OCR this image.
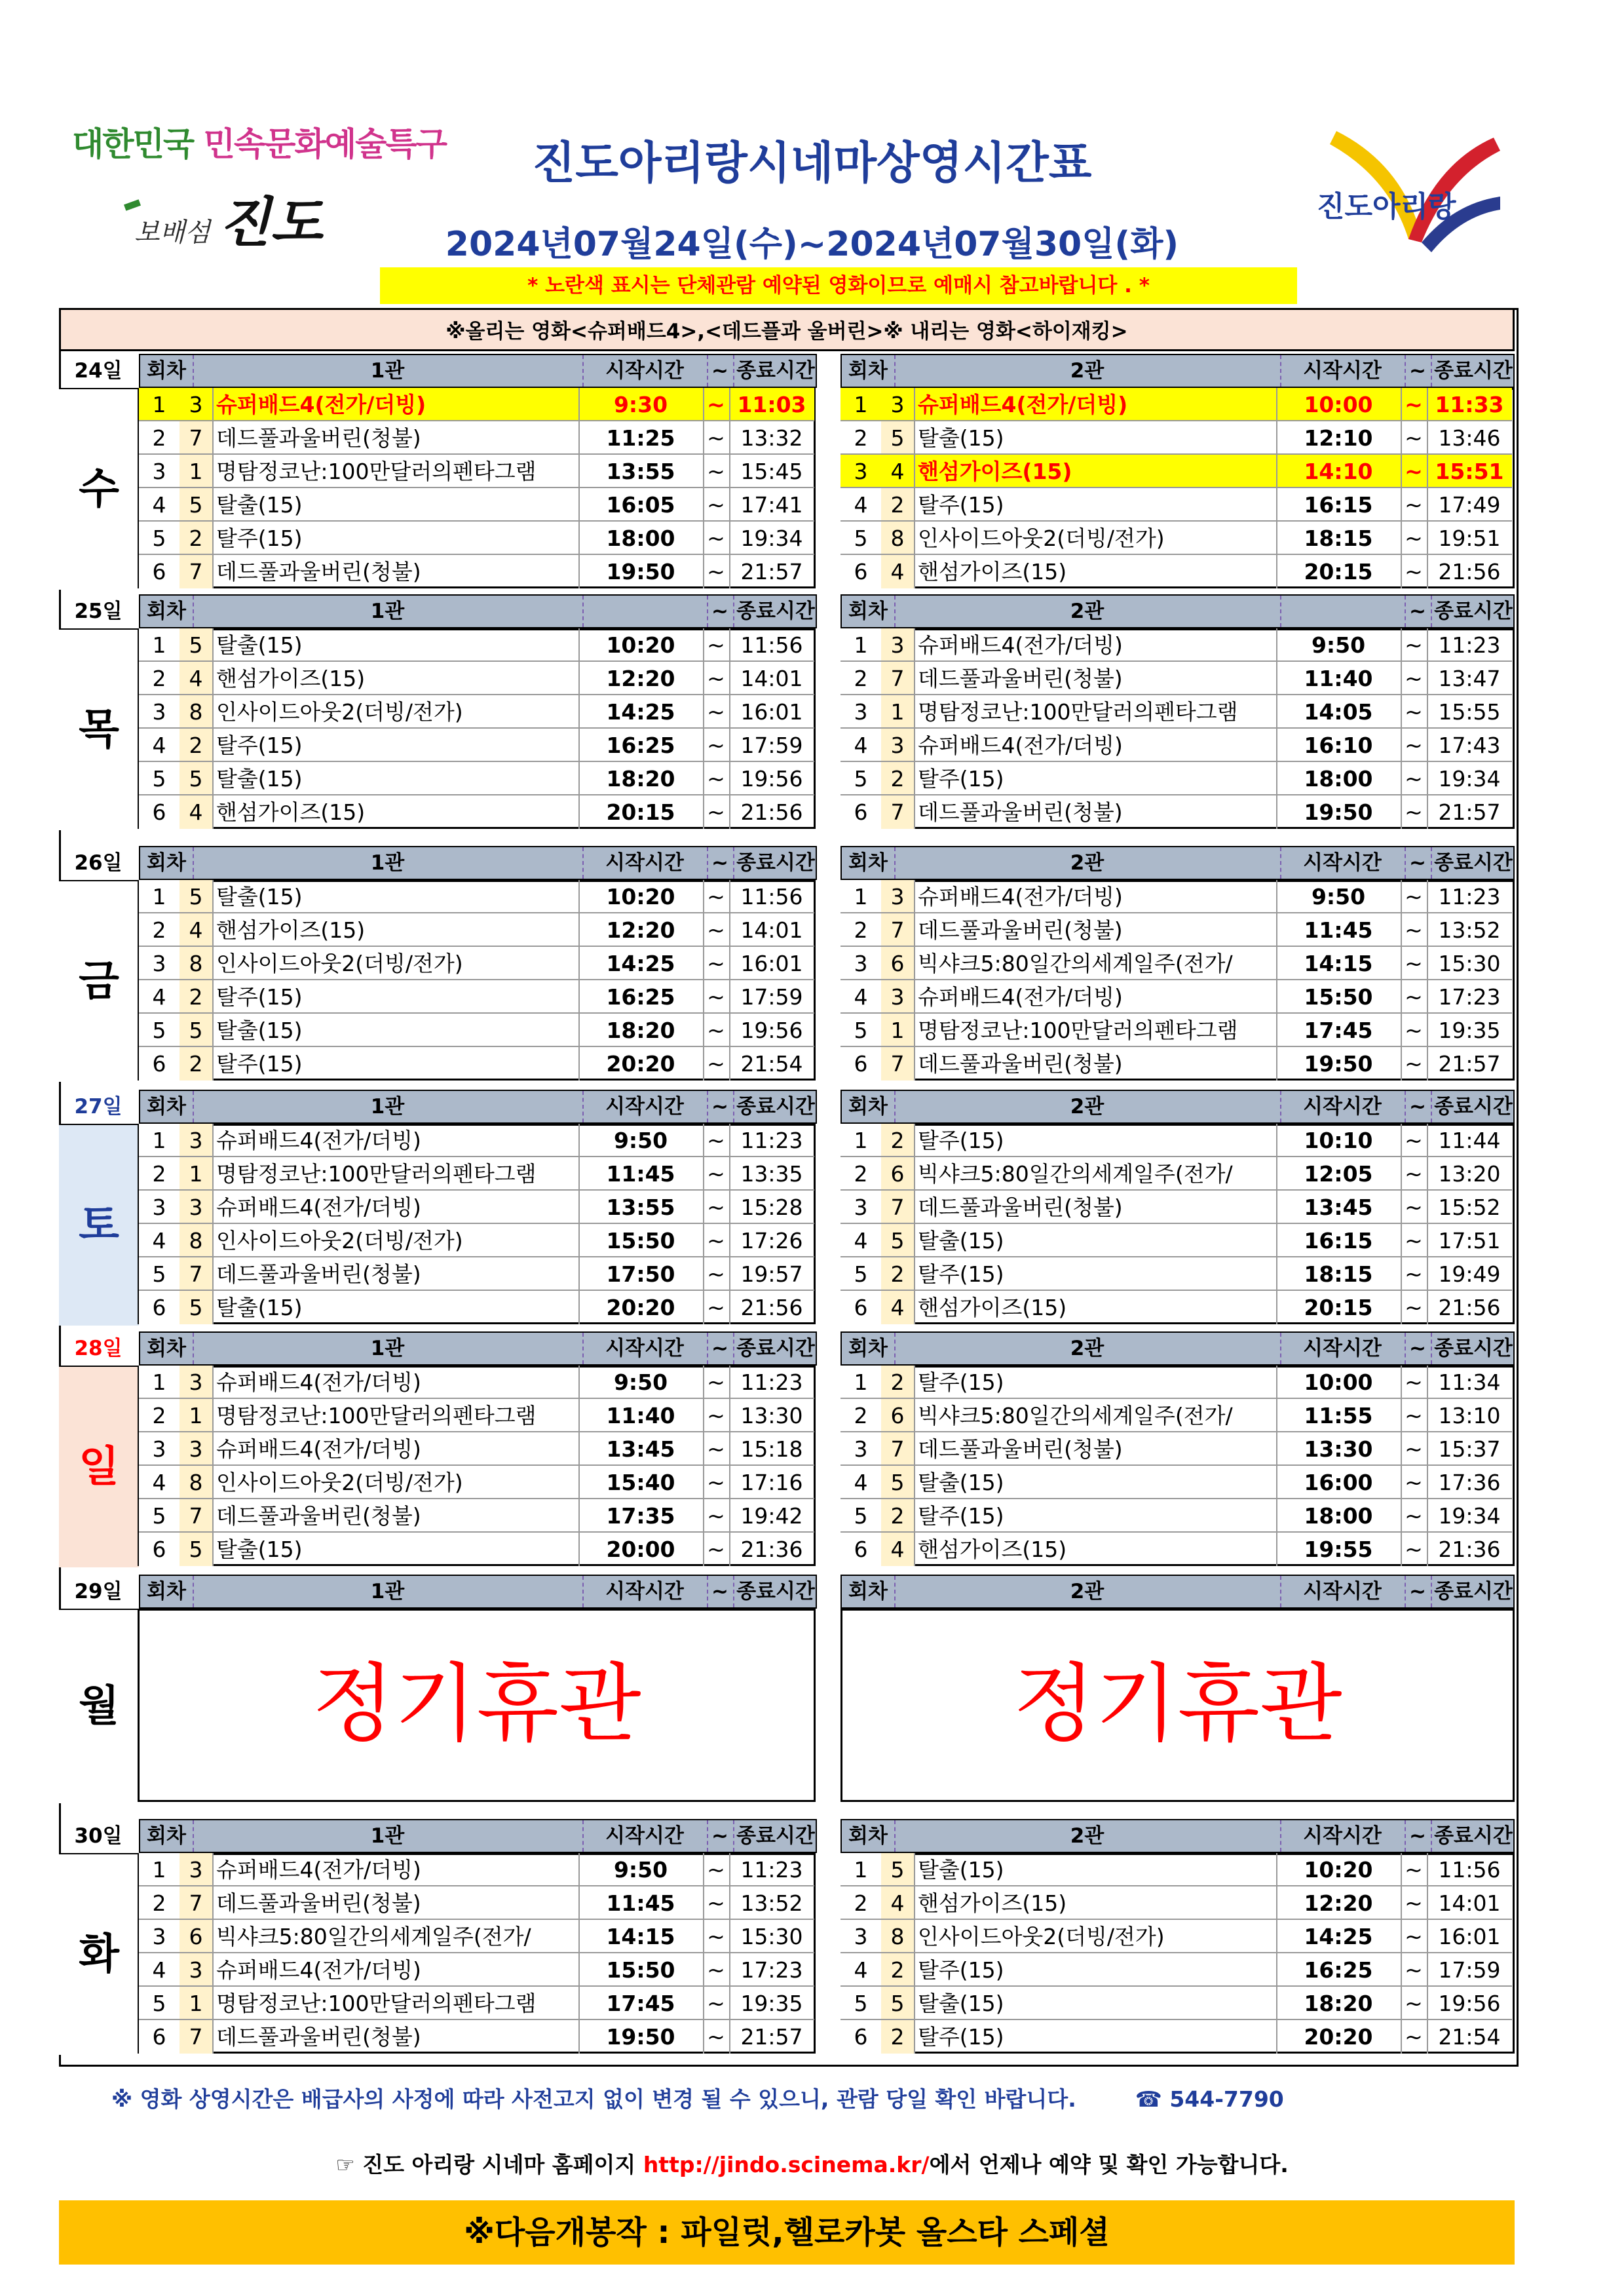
대한민국 민속문화예술특구
보배섬 진도	진도아리랑
진도아리랑시네마상영시간표
2024년07월24일(수)~2024년07월30일(화)
* 노란색 표시는 단체관람 예약된 영화이므로 예매시 참고바랍니다 . *
※올리는 영화<슈퍼배드4>,<데드플과 울버린>※ 내리는 영화<하이재킹>
24일
수
회차	1관	시작시간	~ 종료시간
1	3 슈퍼배드4(전가/더빙)	9:30	~ 11:03
2	7 데드풀과울버린(청불)	11:25	~ 13:32
3	1 명탐정코난:100만달러의펜타그램	13:55	~ 15:45
4	5 탈출(15)	16:05	~ 17:41
5	2 탈주(15)	18:00	~ 19:34
6	7 데드풀과울버린(청불)	19:50	~ 21:57
회차	2관	시작시간	~ 종료시간
1	3 슈퍼배드4(전가/더빙)	10:00	~ 11:33
2	5 탈출(15)	12:10	~ 13:46
3	4 핸섬가이즈(15)	14:10	~ 15:51
4	2 탈주(15)	16:15	~ 17:49
5	8 인사이드아웃2(더빙/전가)	18:15	~ 19:51
6	4 핸섬가이즈(15)	20:15	~ 21:56
25일
목
회차	1관	~ 종료시간
1	5 탈출(15)	10:20	~ 11:56
2	4 핸섬가이즈(15)	12:20	~ 14:01
3	8 인사이드아웃2(더빙/전가)	14:25	~ 16:01
4	2 탈주(15)	16:25	~ 17:59
5	5 탈출(15)	18:20	~ 19:56
6	4 핸섬가이즈(15)	20:15	~ 21:56
회차	2관	~ 종료시간
1	3 슈퍼배드4(전가/더빙)	9:50	~ 11:23
2	7 데드풀과울버린(청불)	11:40	~ 13:47
3	1 명탐정코난:100만달러의펜타그램	14:05	~ 15:55
4	3 슈퍼배드4(전가/더빙)	16:10	~ 17:43
5	2 탈주(15)	18:00	~ 19:34
6	7 데드풀과울버린(청불)	19:50	~ 21:57
26일
금
회차	1관	시작시간	~ 종료시간
1	5 탈출(15)	10:20	~ 11:56
2	4 핸섬가이즈(15)	12:20	~ 14:01
3	8 인사이드아웃2(더빙/전가)	14:25	~ 16:01
4	2 탈주(15)	16:25	~ 17:59
5	5 탈출(15)	18:20	~ 19:56
6	2 탈주(15)	20:20	~ 21:54
회차	2관	시작시간	~ 종료시간
1	3 슈퍼배드4(전가/더빙)	9:50	~ 11:23
2	7 데드풀과울버린(청불)	11:45	~ 13:52
3	6 빅샤크5:80일간의세계일주(전가/	14:15	~ 15:30
4	3 슈퍼배드4(전가/더빙)	15:50	~ 17:23
5	1 명탐정코난:100만달러의펜타그램	17:45	~ 19:35
6	7 데드풀과울버린(청불)	19:50	~ 21:57
27일
토
회차	1관	시작시간	~ 종료시간
1	3 슈퍼배드4(전가/더빙)	9:50	~ 11:23
2	1 명탐정코난:100만달러의펜타그램	11:45	~ 13:35
3	3 슈퍼배드4(전가/더빙)	13:55	~ 15:28
4	8 인사이드아웃2(더빙/전가)	15:50	~ 17:26
5	7 데드풀과울버린(청불)	17:50	~ 19:57
6	5 탈출(15)	20:20	~ 21:56
회차	2관	시작시간	~ 종료시간
1	2 탈주(15)	10:10	~ 11:44
2	6 빅샤크5:80일간의세계일주(전가/	12:05	~ 13:20
3	7 데드풀과울버린(청불)	13:45	~ 15:52
4	5 탈출(15)	16:15	~ 17:51
5	2 탈주(15)	18:15	~ 19:49
6	4 핸섬가이즈(15)	20:15	~ 21:56
28일
일
회차	1관	시작시간	~ 종료시간
1	3 슈퍼배드4(전가/더빙)	9:50	~ 11:23
2	1 명탐정코난:100만달러의펜타그램	11:40	~ 13:30
3	3 슈퍼배드4(전가/더빙)	13:45	~ 15:18
4	8 인사이드아웃2(더빙/전가)	15:40	~ 17:16
5	7 데드풀과울버린(청불)	17:35	~ 19:42
6	5 탈출(15)	20:00	~ 21:36
회차	2관	시작시간	~ 종료시간
1	2 탈주(15)	10:00	~ 11:34
2	6 빅샤크5:80일간의세계일주(전가/	11:55	~ 13:10
3	7 데드풀과울버린(청불)	13:30	~ 15:37
4	5 탈출(15)	16:00	~ 17:36
5	2 탈주(15)	18:00	~ 19:34
6	4 핸섬가이즈(15)	19:55	~ 21:36
29일
월
회차	1관	시작시간	~ 종료시간
정기휴관
회차	2관	시작시간	~ 종료시간
정기휴관
30일
화
회차	1관	시작시간	~ 종료시간
1	3 슈퍼배드4(전가/더빙)	9:50	~ 11:23
2	7 데드풀과울버린(청불)	11:45	~ 13:52
3	6 빅샤크5:80일간의세계일주(전가/	14:15	~ 15:30
4	3 슈퍼배드4(전가/더빙)	15:50	~ 17:23
5	1 명탐정코난:100만달러의펜타그램	17:45	~ 19:35
6	7 데드풀과울버린(청불)	19:50	~ 21:57
회차	2관	시작시간	~ 종료시간
1	5 탈출(15)	10:20	~ 11:56
2	4 핸섬가이즈(15)	12:20	~ 14:01
3	8 인사이드아웃2(더빙/전가)	14:25	~ 16:01
4	2 탈주(15)	16:25	~ 17:59
5	5 탈출(15)	18:20	~ 19:56
6	2 탈주(15)	20:20	~ 21:54
※ 영화 상영시간은 배급사의 사정에 따라 사전고지 없이 변경 될 수 있으니, 관람 당일 확인 바랍니다.	☎ 544-7790
☞ 진도 아리랑 시네마 홈페이지 http://jindo.scinema.kr/에서 언제나 예약 및 확인 가능합니다.
※다음개봉작 : 파일럿,헬로카봇 올스타 스페셜
